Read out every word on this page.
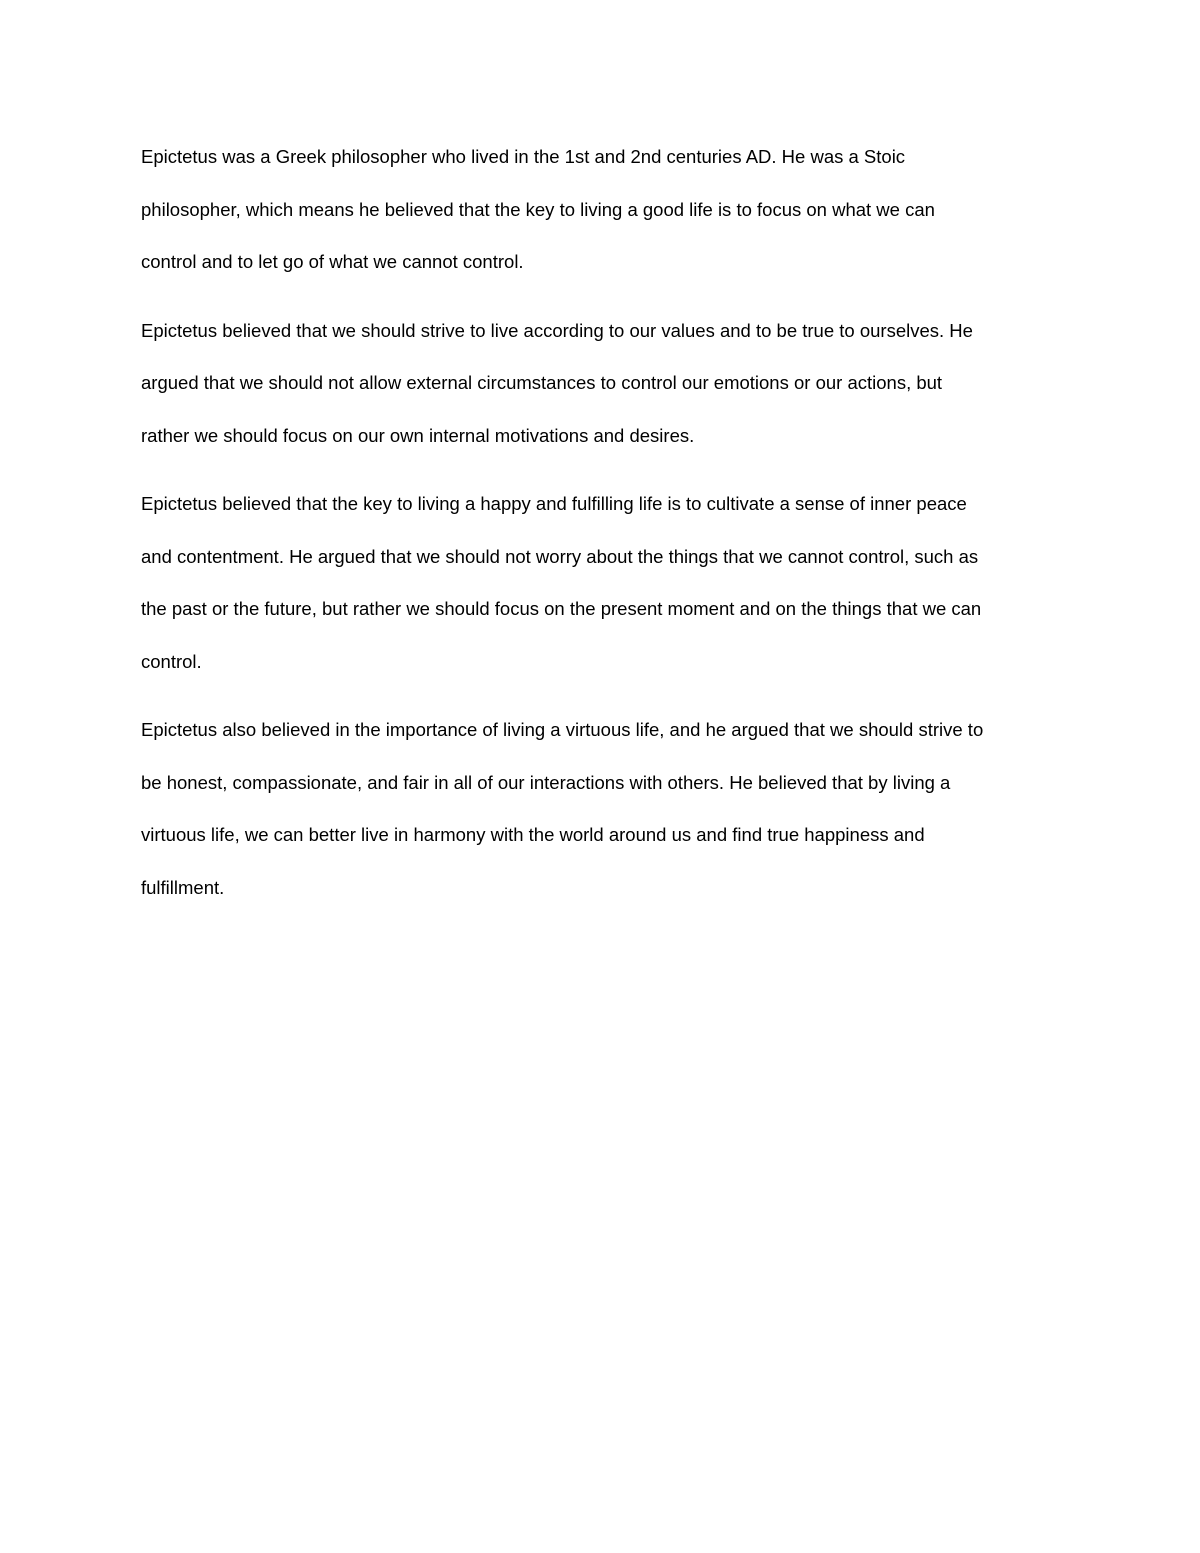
Epictetus was a Greek philosopher who lived in the 1st and 2nd centuries AD. He was a Stoic
philosopher, which means he believed that the key to living a good life is to focus on what we can
control and to let go of what we cannot control.

Epictetus believed that we should strive to live according to our values and to be true to ourselves. He
argued that we should not allow external circumstances to control our emotions or our actions, but
rather we should focus on our own internal motivations and desires.

Epictetus believed that the key to living a happy and fulfilling life is to cultivate a sense of inner peace
and contentment. He argued that we should not worry about the things that we cannot control, such as
the past or the future, but rather we should focus on the present moment and on the things that we can
control.

Epictetus also believed in the importance of living a virtuous life, and he argued that we should strive to
be honest, compassionate, and fair in all of our interactions with others. He believed that by living a
virtuous life, we can better live in harmony with the world around us and find true happiness and
fulfillment.
